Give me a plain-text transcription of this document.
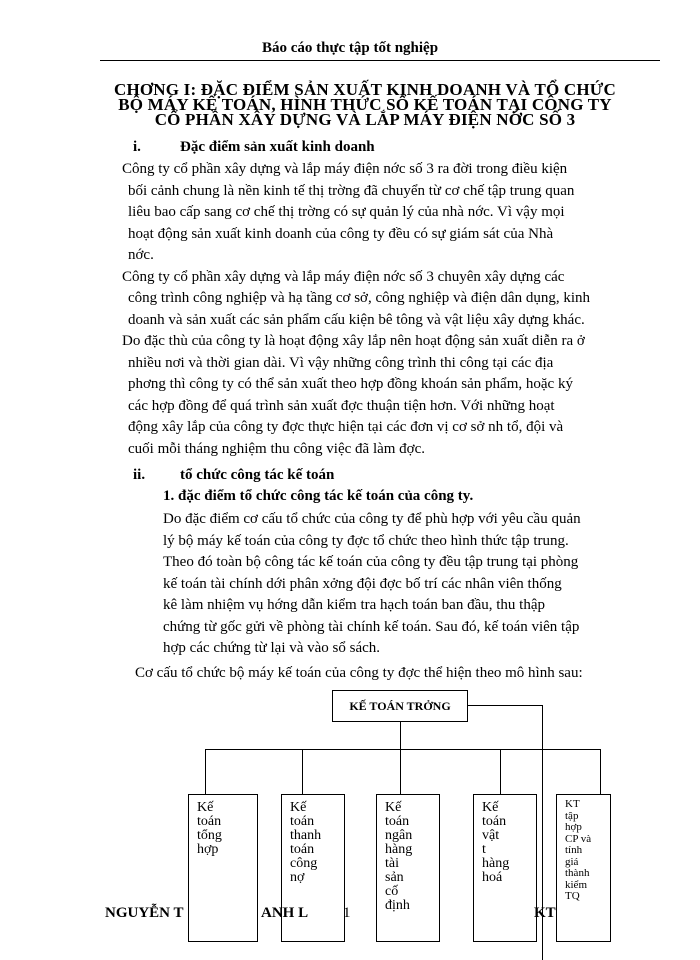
Báo cáo thực tập tốt nghiệp
CHƠNG I: ĐẶC ĐIỂM SẢN XUẤT KINH DOANH VÀ TỔ CHỨC
BỘ MÁY KẾ TOÁN, HÌNH THỨC SỔ KẾ TOÁN TẠI CÔNG TY
CỔ PHẦN XÂY DỰNG VÀ LẮP MÁY ĐIỆN NỚC SỐ 3
i.	Đặc điểm sản xuất kinh doanh

Công ty cổ phần xây dựng và lắp máy điện nớc số 3 ra đời trong điều kiện

bối cảnh chung là nền kinh tế thị trờng đã chuyển từ cơ chế tập trung quan

liêu bao cấp sang cơ chế thị trờng có sự quản lý của nhà nớc. Vì vậy mọi

hoạt động sản xuất kinh doanh của công ty đều có sự giám sát của Nhà

nớc.

Công ty cổ phần xây dựng và lắp máy điện nớc số 3 chuyên xây dựng các

công trình công nghiệp và hạ tầng cơ sở, công nghiệp và điện dân dụng, kinh

doanh và sản xuất các sản phẩm cấu kiện bê tông và vật liệu xây dựng khác.

Do đặc thù của công ty là hoạt động xây lắp nên hoạt động sản xuất diễn ra ở

nhiều nơi và thời gian dài. Vì vậy những công trình thi công tại các địa

phơng thì công ty có thể sản xuất theo hợp đồng khoán sản phẩm, hoặc ký

các hợp đồng để quá trình sản xuất đợc thuận tiện hơn. Với những hoạt

động xây lắp của công ty đợc thực hiện tại các đơn vị cơ sở nh tổ, đội và

cuối mỗi tháng nghiệm thu công việc đã làm đợc.

ii. tổ chức công tác kế toán
1. đặc điểm tổ chức công tác kế toán của công ty.

Do đặc điểm cơ cấu tổ chức của công ty để phù hợp với yêu cầu quản

lý bộ máy kế toán của công ty đợc tổ chức theo hình thức tập trung.

Theo đó toàn bộ công tác kế toán của công ty đều tập trung tại phòng

kế toán tài chính dới phân xởng đội đợc bố trí các nhân viên thống

kê làm nhiệm vụ hớng dẫn kiểm tra hạch toán ban đầu, thu thập

chứng từ gốc gửi về phòng tài chính kế toán. Sau đó, kế toán viên tập

hợp các chứng từ lại và vào sổ sách.

Cơ cấu tổ chức bộ máy kế toán của công ty đợc thể hiện theo mô hình sau:
KẾ TOÁN TRỞNG
Kế
toán
tổng
hợp
Kế
toán
thanh
toán
công
nợ
Kế
toán
ngân
hàng
tài
sản
cố
định
Kế
toán
vật
t
hàng
hoá
KT
tập
hợp
CP và
tính
giá
thành
kiểm
TQ
NGUYỄN T	ANH L 1	KT
